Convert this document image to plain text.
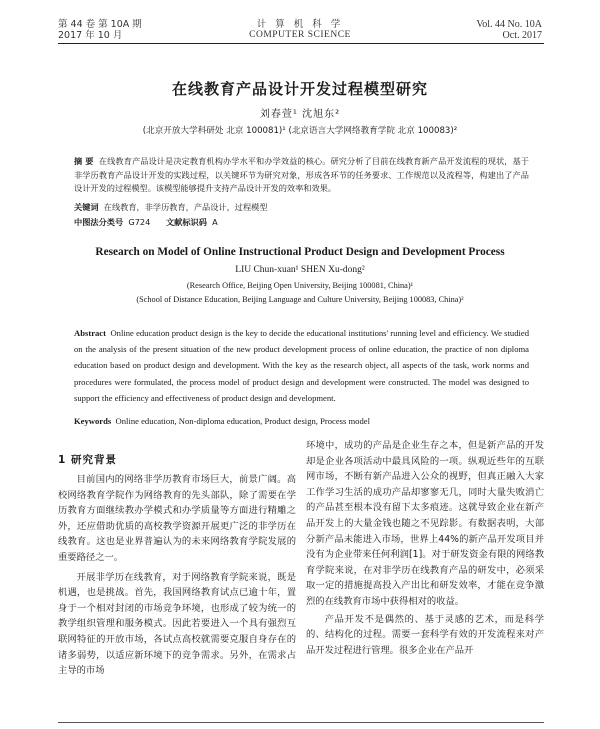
第 44 卷 第 10A 期
2017 年 10 月
计 算 机 科 学
COMPUTER SCIENCE
Vol. 44 No. 10A
Oct. 2017
在线教育产品设计开发过程模型研究
刘春萱¹ 沈旭东²
(北京开放大学科研处 北京 100081)¹ (北京语言大学网络教育学院 北京 100083)²
摘 要 在线教育产品设计是决定教育机构办学水平和办学效益的核心。研究分析了目前在线教育新产品开发流程的现状，基于非学历教育产品设计开发的实践过程，以关键环节为研究对象，形成各环节的任务要求、工作规范以及流程等，构建出了产品设计开发的过程模型。该模型能够提升支持产品设计开发的效率和效果。
关键词 在线教育，非学历教育，产品设计，过程模型
中图法分类号 G724 文献标识码 A
Research on Model of Online Instructional Product Design and Development Process
LIU Chun-xuan¹ SHEN Xu-dong²
(Research Office, Beijing Open University, Beijing 100081, China)¹
(School of Distance Education, Beijing Language and Culture University, Beijing 100083, China)²
Abstract Online education product design is the key to decide the educational institutions' running level and efficiency. We studied on the analysis of the present situation of the new product development process of online education, the practice of non diploma education based on product design and development. With the key as the research object, all aspects of the task, work norms and procedures were formulated, the process model of product design and development were constructed. The model was designed to support the efficiency and effectiveness of product design and development.
Keywords Online education, Non-diploma education, Product design, Process model
1 研究背景

目前国内的网络非学历教育市场巨大，前景广阔。高校网络教育学院作为网络教育的先头部队，除了需要在学历教育方面继续教办学模式和办学质量等方面进行精雕之外，还应借助优质的高校教学资源开展更广泛的非学历在线教育。这也是业界普遍认为的未来网络教育学院发展的重要路径之一。

开展非学历在线教育，对于网络教育学院来说，既是机遇，也是挑战。首先，我国网络教育试点已逾十年，置身于一个相对封闭的市场竞争环境，也形成了较为统一的教学组织管理和服务模式。因此若要进入一个具有强烈互联网特征的开放市场，各试点高校就需要克服自身存在的诸多弱势，以适应新环境下的竞争需求。另外，在需求占主导的市场

环境中，成功的产品是企业生存之本，但是新产品的开发却是企业各项活动中最具风险的一项。纵观近些年的互联网市场，不断有新产品进入公众的视野，但真正融入大家工作学习生活的成功产品却寥寥无几，同时大量失败消亡的产品甚至根本没有留下太多痕迹。这就导致企业在新产品开发上的大量金钱也随之不见踪影。有数据表明，大部分新产品未能进入市场，世界上44%的新产品开发项目并没有为企业带来任何利润[1]。对于研发资金有限的网络教育学院来说，在对非学历在线教育产品的研发中，必须采取一定的措施提高投入产出比和研发效率，才能在竞争激烈的在线教育市场中获得相对的收益。

产品开发不是偶然的、基于灵感的艺术，而是科学的、结构化的过程。需要一套科学有效的开发流程来对产品开发过程进行管理。很多企业在产品开
